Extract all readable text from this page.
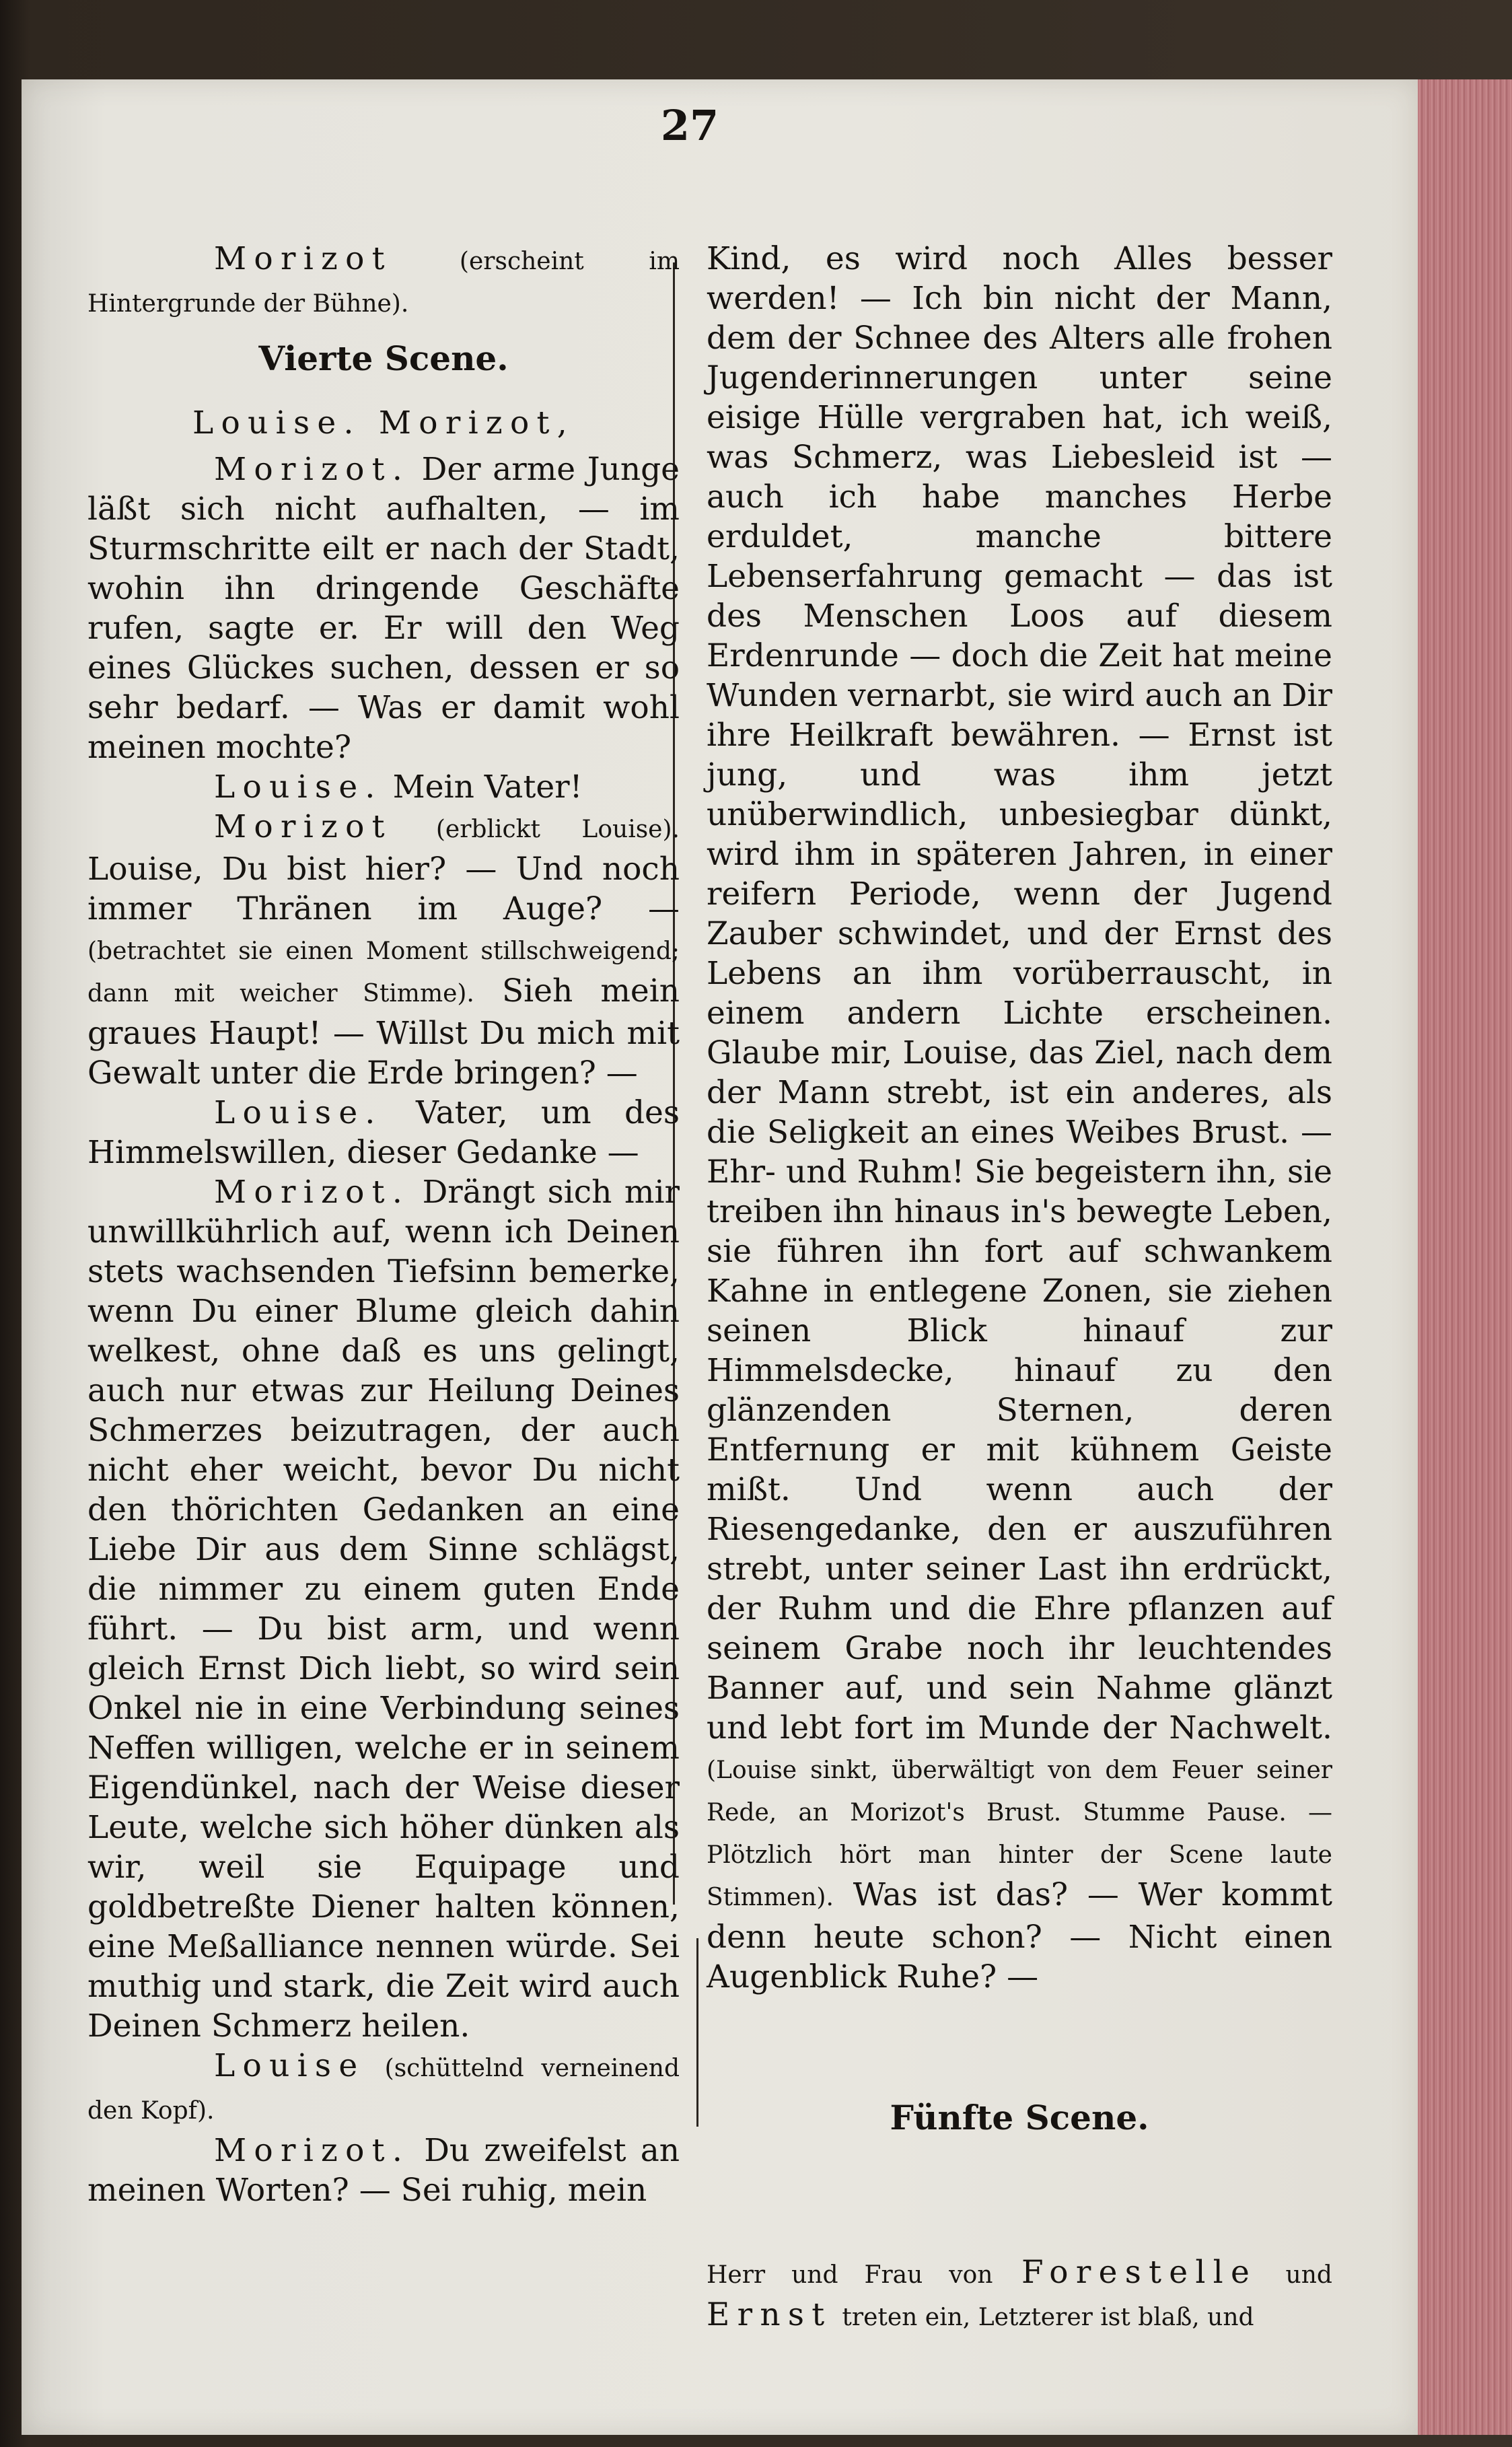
27

Morizot	(erscheint im Hintergrunde der Bühne).

Vierte Scene.

Louise. Morizot,

Morizot. Der arme Junge läßt sich nicht aufhalten, — im Sturmschritte eilt er nach der Stadt, wohin ihn dringende Geschäfte rufen, sagte er. Er will den Weg eines Glückes suchen, dessen er so sehr bedarf. — Was er damit wohl meinen mochte?

Louise. Mein Vater!

Morizot (erblickt Louise). Louise, Du bist hier? — Und noch immer Thränen im Auge? — (betrachtet sie einen Moment stillschweigend; dann mit weicher Stimme). Sieh mein graues Haupt! — Willst Du mich mit Gewalt unter die Erde bringen? —

Louise. Vater, um des Himmelswillen, dieser Gedanke —

Morizot. Drängt sich mir unwillkührlich auf, wenn ich Deinen stets wachsenden Tiefsinn bemerke, wenn Du einer Blume gleich dahin welkest, ohne daß es uns gelingt, auch nur etwas zur Heilung Deines Schmerzes beizutragen, der auch nicht eher weicht, bevor Du nicht den thörichten Gedanken an eine Liebe Dir aus dem Sinne schlägst, die nimmer zu einem guten Ende führt. — Du bist arm, und wenn gleich Ernst Dich liebt, so wird sein Onkel nie in eine Verbindung seines Neffen willigen, welche er in seinem Eigendünkel, nach der Weise dieser Leute, welche sich höher dünken als wir, weil sie Equipage und goldbetreßte Diener halten können, eine Meßalliance nennen würde. Sei muthig und stark, die Zeit wird auch Deinen Schmerz heilen.

Louise (schüttelnd verneinend den Kopf).

Morizot. Du zweifelst an meinen Worten? — Sei ruhig, mein

Kind, es wird noch Alles besser werden! — Ich bin nicht der Mann, dem der Schnee des Alters alle frohen Jugenderinnerungen unter seine eisige Hülle vergraben hat, ich weiß, was Schmerz, was Liebesleid ist — auch ich habe manches Herbe erduldet, manche bittere Lebenserfahrung gemacht — das ist des Menschen Loos auf diesem Erdenrunde — doch die Zeit hat meine Wunden vernarbt, sie wird auch an Dir ihre Heilkraft bewähren. — Ernst ist jung, und was ihm jetzt unüberwindlich, unbesiegbar dünkt, wird ihm in späteren Jahren, in einer reifern Periode, wenn der Jugend Zauber schwindet, und der Ernst des Lebens an ihm vorüberrauscht, in einem andern Lichte erscheinen. Glaube mir, Louise, das Ziel, nach dem der Mann strebt, ist ein anderes, als die Seligkeit an eines Weibes Brust. — Ehr- und Ruhm! Sie begeistern ihn, sie treiben ihn hinaus in's bewegte Leben, sie führen ihn fort auf schwankem Kahne in entlegene Zonen, sie ziehen seinen Blick hinauf zur Himmelsdecke, hinauf zu den glänzenden Sternen, deren Entfernung er mit kühnem Geiste mißt. Und wenn auch der Riesengedanke, den er auszuführen strebt, unter seiner Last ihn erdrückt, der Ruhm und die Ehre pflanzen auf seinem Grabe noch ihr leuchtendes Banner auf, und sein Nahme glänzt und lebt fort im Munde der Nachwelt. (Louise sinkt, überwältigt von dem Feuer seiner Rede, an Morizot's Brust. Stumme Pause. — Plötzlich hört man hinter der Scene laute Stimmen). Was ist das? — Wer kommt denn heute schon? — Nicht einen Augenblick Ruhe? —

Fünfte Scene.

Herr und Frau von Forestelle und Ernst treten ein, Letzterer ist blaß, und
